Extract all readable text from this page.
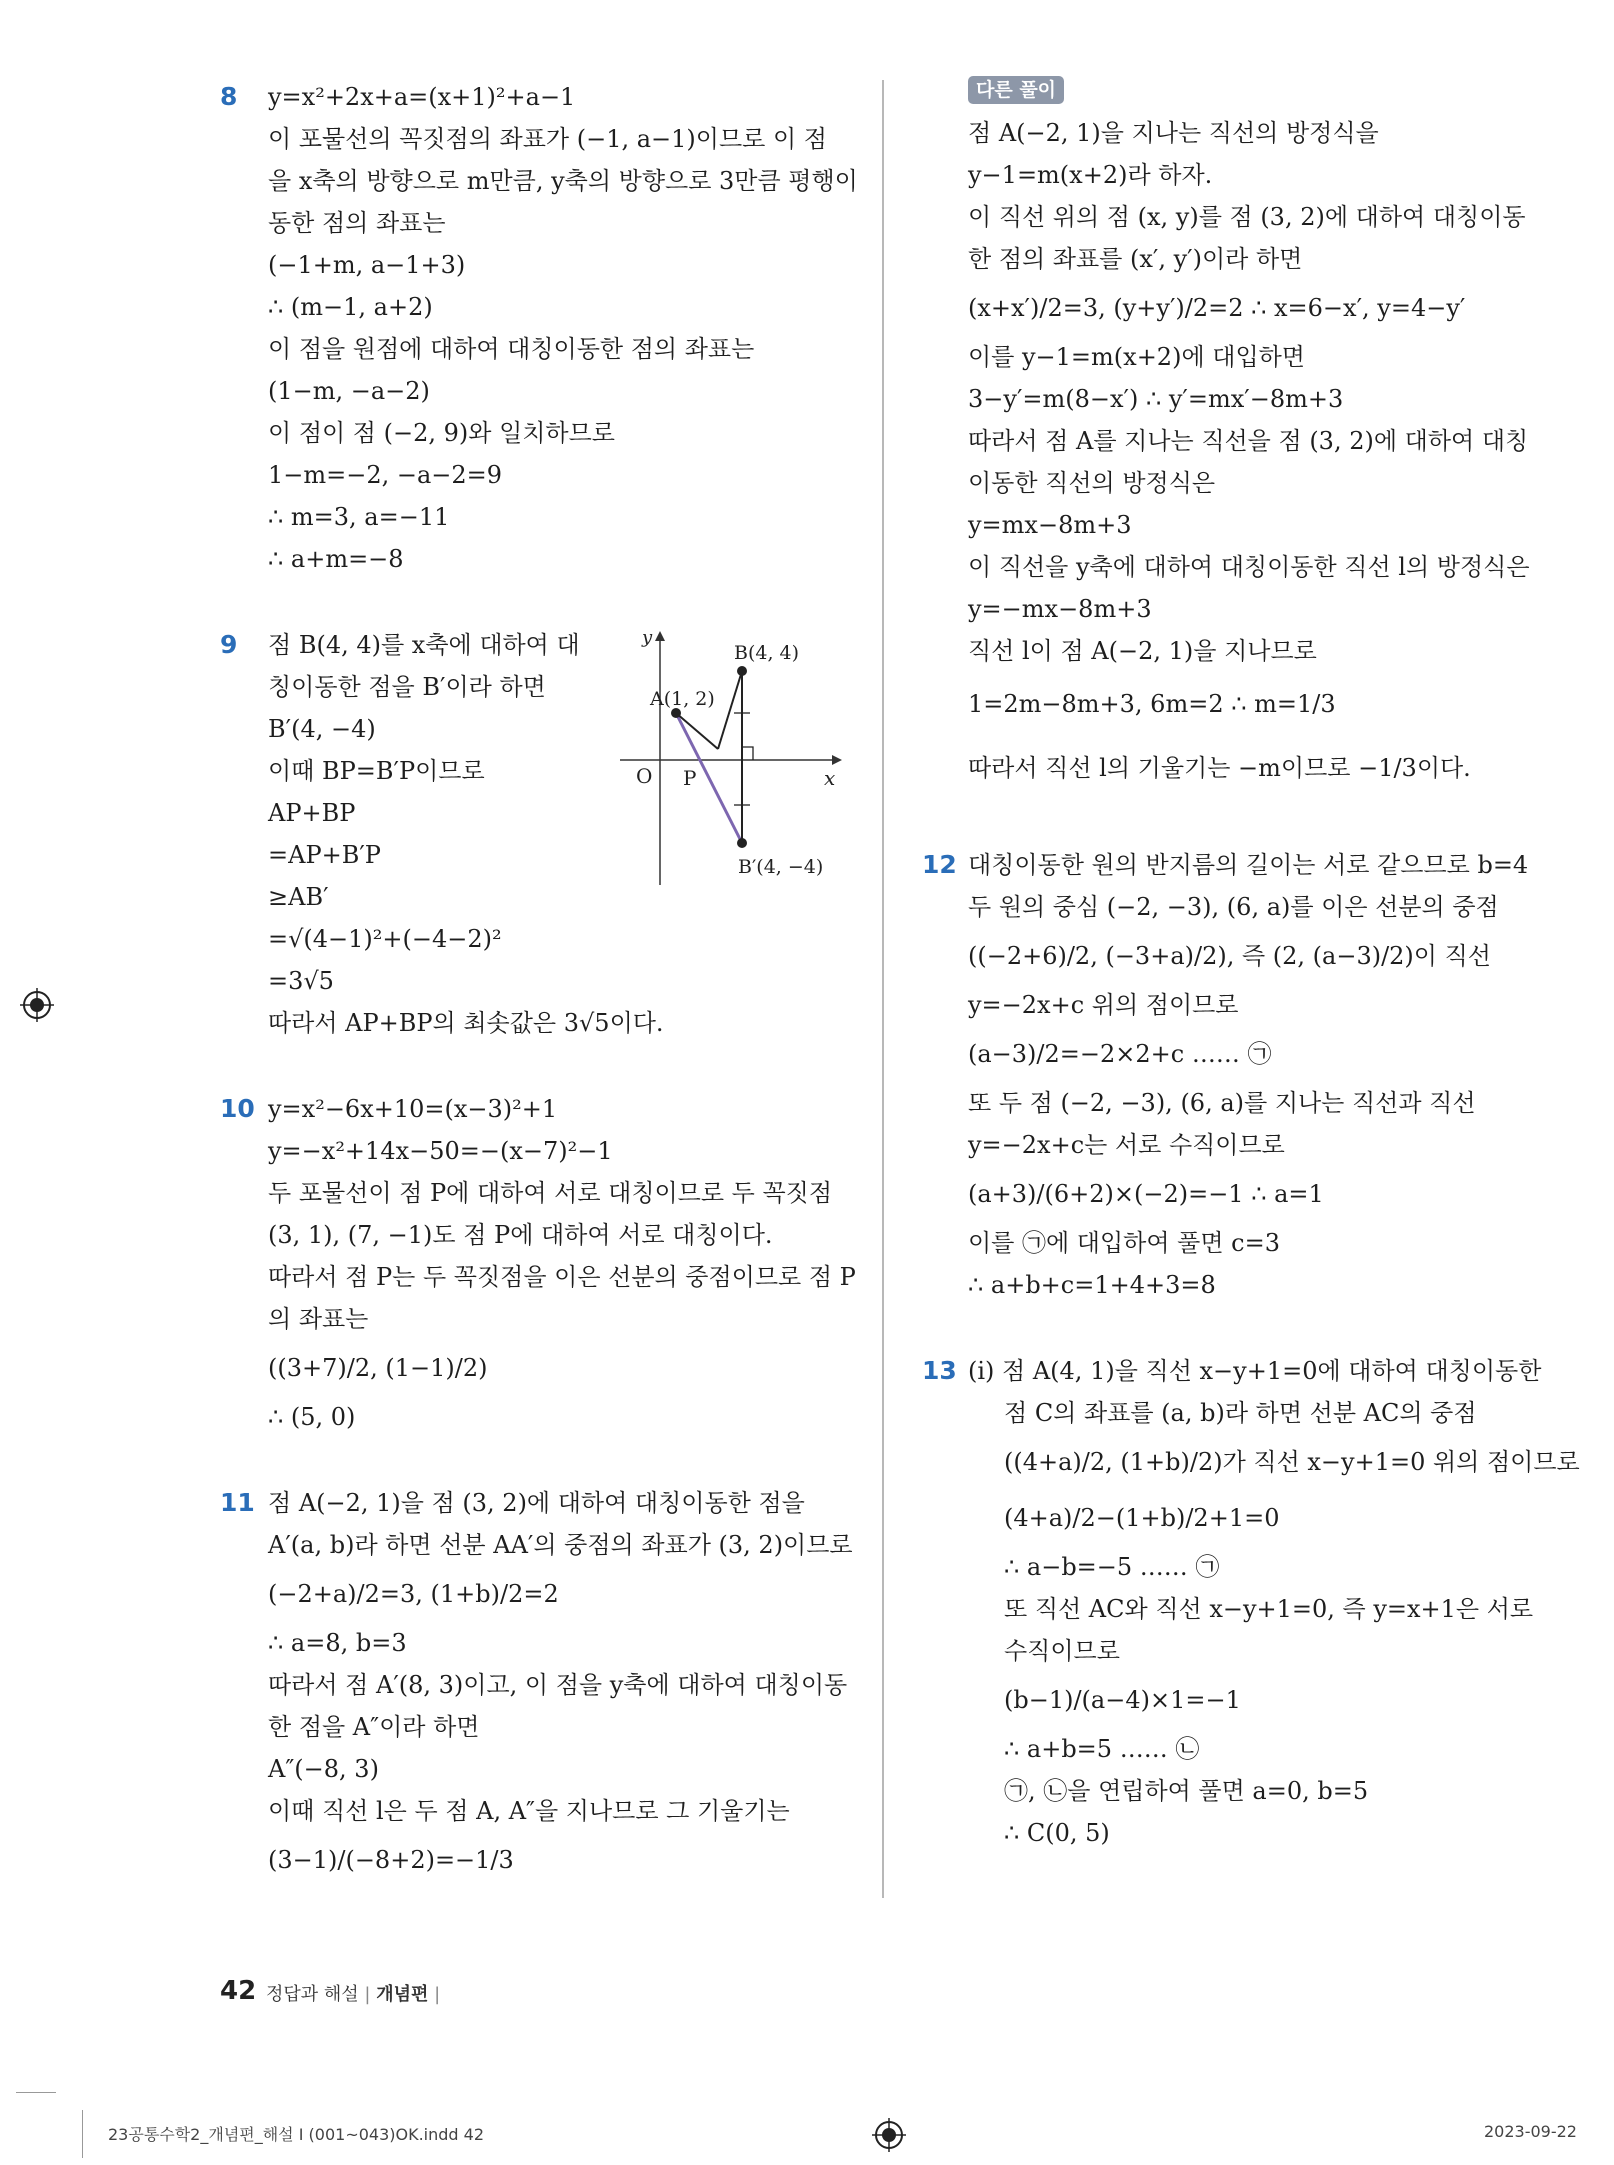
8 y=x²+2x+a=(x+1)²+a−1
이 포물선의 꼭짓점의 좌표가 (−1, a−1)이므로 이 점
을 x축의 방향으로 m만큼, y축의 방향으로 3만큼 평행이
동한 점의 좌표는
(−1+m, a−1+3)
∴ (m−1, a+2)
이 점을 원점에 대하여 대칭이동한 점의 좌표는
(1−m, −a−2)
이 점이 점 (−2, 9)와 일치하므로
1−m=−2, −a−2=9
∴ m=3, a=−11
∴ a+m=−8
9 점 B(4, 4)를 x축에 대하여 대
칭이동한 점을 B′이라 하면
B′(4, −4)
이때 BP=B′P이므로
AP+BP
=AP+B′P
≥AB′
=√(4−1)²+(−4−2)²
=3√5
따라서 AP+BP의 최솟값은 3√5이다.
10 y=x²−6x+10=(x−3)²+1
y=−x²+14x−50=−(x−7)²−1
두 포물선이 점 P에 대하여 서로 대칭이므로 두 꼭짓점
(3, 1), (7, −1)도 점 P에 대하여 서로 대칭이다.
따라서 점 P는 두 꼭짓점을 이은 선분의 중점이므로 점 P
의 좌표는
((3+7)/2, (1−1)/2)
∴ (5, 0)
11 점 A(−2, 1)을 점 (3, 2)에 대하여 대칭이동한 점을
A′(a, b)라 하면 선분 AA′의 중점의 좌표가 (3, 2)이므로
(−2+a)/2=3, (1+b)/2=2
∴ a=8, b=3
따라서 점 A′(8, 3)이고, 이 점을 y축에 대하여 대칭이동
한 점을 A″이라 하면
A″(−8, 3)
이때 직선 l은 두 점 A, A″을 지나므로 그 기울기는
(3−1)/(−8+2)=−1/3
y
x
O
A(1, 2)
B(4, 4)
P
B′(4, −4)
다른 풀이
점 A(−2, 1)을 지나는 직선의 방정식을
y−1=m(x+2)라 하자.
이 직선 위의 점 (x, y)를 점 (3, 2)에 대하여 대칭이동
한 점의 좌표를 (x′, y′)이라 하면
(x+x′)/2=3, (y+y′)/2=2 ∴ x=6−x′, y=4−y′
이를 y−1=m(x+2)에 대입하면
3−y′=m(8−x′) ∴ y′=mx′−8m+3
따라서 점 A를 지나는 직선을 점 (3, 2)에 대하여 대칭
이동한 직선의 방정식은
y=mx−8m+3
이 직선을 y축에 대하여 대칭이동한 직선 l의 방정식은
y=−mx−8m+3
직선 l이 점 A(−2, 1)을 지나므로
1=2m−8m+3, 6m=2 ∴ m=1/3
따라서 직선 l의 기울기는 −m이므로 −1/3이다.
12 대칭이동한 원의 반지름의 길이는 서로 같으므로 b=4
두 원의 중심 (−2, −3), (6, a)를 이은 선분의 중점
((−2+6)/2, (−3+a)/2), 즉 (2, (a−3)/2)이 직선
y=−2x+c 위의 점이므로
(a−3)/2=−2×2+c …… ㉠
또 두 점 (−2, −3), (6, a)를 지나는 직선과 직선
y=−2x+c는 서로 수직이므로
(a+3)/(6+2)×(−2)=−1 ∴ a=1
이를 ㉠에 대입하여 풀면 c=3
∴ a+b+c=1+4+3=8
13 (ⅰ) 점 A(4, 1)을 직선 x−y+1=0에 대하여 대칭이동한
점 C의 좌표를 (a, b)라 하면 선분 AC의 중점
((4+a)/2, (1+b)/2)가 직선 x−y+1=0 위의 점이므로
(4+a)/2−(1+b)/2+1=0
∴ a−b=−5 …… ㉠
또 직선 AC와 직선 x−y+1=0, 즉 y=x+1은 서로
수직이므로
(b−1)/(a−4)×1=−1
∴ a+b=5 …… ㉡
㉠, ㉡을 연립하여 풀면 a=0, b=5
∴ C(0, 5)
42 정답과 해설 | 개념편 |
23공통수학2_개념편_해설 I (001~043)OK.indd 42	2023-09-22
